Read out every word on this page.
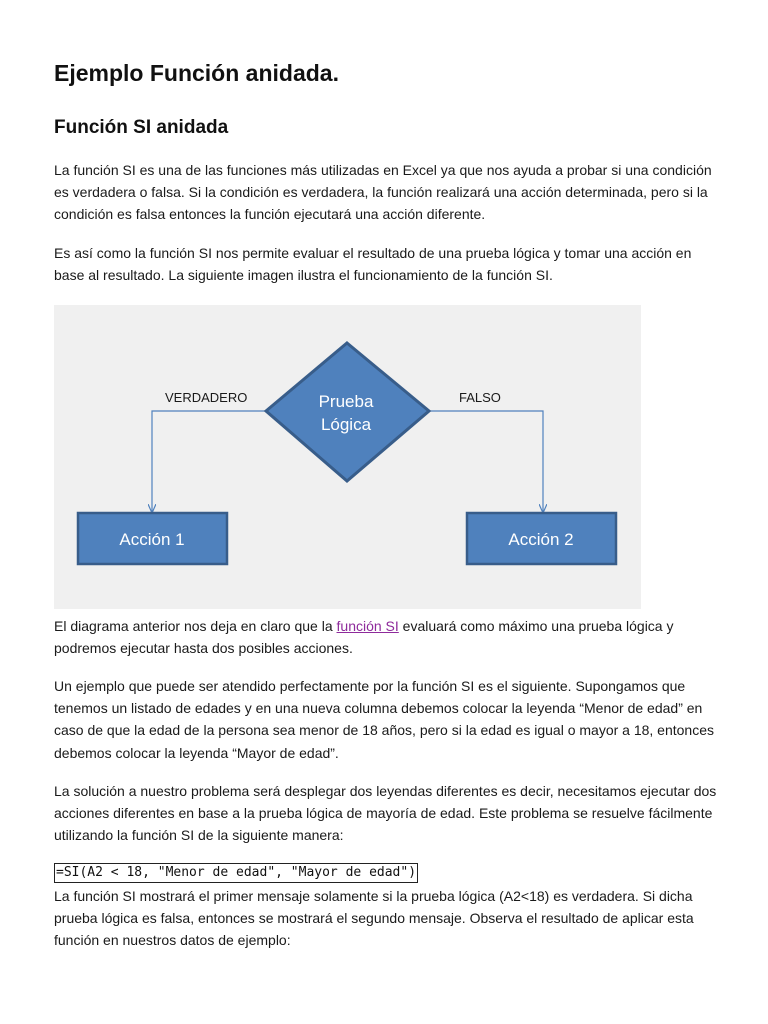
Ejemplo Función anidada.
Función SI anidada

La función SI es una de las funciones más utilizadas en Excel ya que nos ayuda a probar si una condición es verdadera o falsa. Si la condición es verdadera, la función realizará una acción determinada, pero si la condición es falsa entonces la función ejecutará una acción diferente.

Es así como la función SI nos permite evaluar el resultado de una prueba lógica y tomar una acción en base al resultado. La siguiente imagen ilustra el funcionamiento de la función SI.

Prueba
Lógica
VERDADERO	FALSO
Acción 1	Acción 2

El diagrama anterior nos deja en claro que la función SI evaluará como máximo una prueba lógica y podremos ejecutar hasta dos posibles acciones.

Un ejemplo que puede ser atendido perfectamente por la función SI es el siguiente. Supongamos que tenemos un listado de edades y en una nueva columna debemos colocar la leyenda “Menor de edad” en caso de que la edad de la persona sea menor de 18 años, pero si la edad es igual o mayor a 18, entonces debemos colocar la leyenda “Mayor de edad”.

La solución a nuestro problema será desplegar dos leyendas diferentes es decir, necesitamos ejecutar dos acciones diferentes en base a la prueba lógica de mayoría de edad. Este problema se resuelve fácilmente utilizando la función SI de la siguiente manera:

=SI(A2 < 18, "Menor de edad", "Mayor de edad")

La función SI mostrará el primer mensaje solamente si la prueba lógica (A2<18) es verdadera. Si dicha prueba lógica es falsa, entonces se mostrará el segundo mensaje. Observa el resultado de aplicar esta función en nuestros datos de ejemplo:
